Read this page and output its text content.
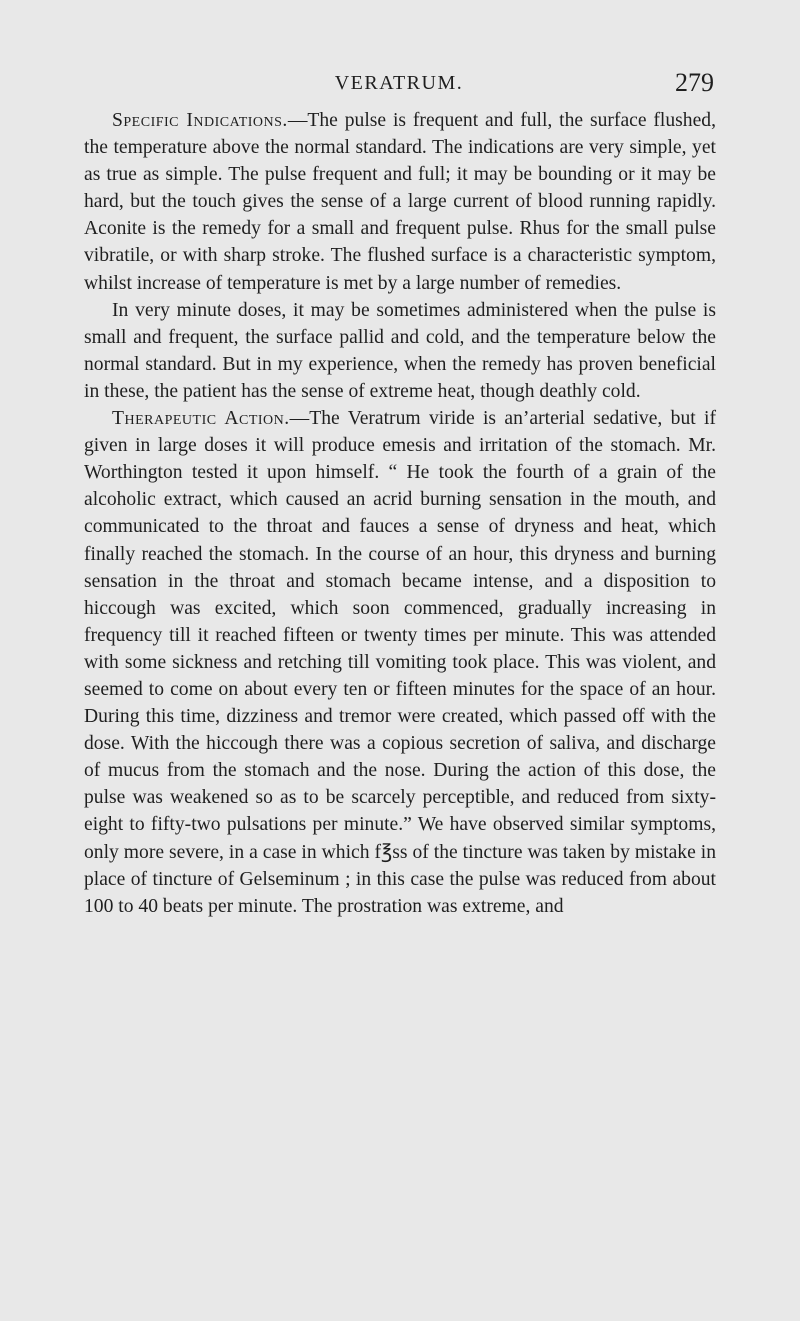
VERATRUM.	279

Specific Indications.—The pulse is frequent and full, the surface flushed, the temperature above the normal standard. The indications are very simple, yet as true as simple. The pulse frequent and full; it may be bounding or it may be hard, but the touch gives the sense of a large current of blood running rapidly. Aconite is the remedy for a small and frequent pulse. Rhus for the small pulse vibratile, or with sharp stroke. The flushed surface is a characteristic symptom, whilst increase of temperature is met by a large number of remedies.

In very minute doses, it may be sometimes administered when the pulse is small and frequent, the surface pallid and cold, and the temperature below the normal standard. But in my experience, when the remedy has proven beneficial in these, the patient has the sense of extreme heat, though deathly cold.

Therapeutic Action.—The Veratrum viride is an’arterial sedative, but if given in large doses it will produce emesis and irritation of the stomach. Mr. Worthington tested it upon himself. “ He took the fourth of a grain of the alcoholic extract, which caused an acrid burning sensation in the mouth, and communicated to the throat and fauces a sense of dryness and heat, which finally reached the stomach. In the course of an hour, this dryness and burning sensation in the throat and stomach became intense, and a disposition to hiccough was excited, which soon commenced, gradually increasing in frequency till it reached fifteen or twenty times per minute. This was attended with some sickness and retching till vomiting took place. This was violent, and seemed to come on about every ten or fifteen minutes for the space of an hour. During this time, dizziness and tremor were created, which passed off with the dose. With the hiccough there was a copious secretion of saliva, and discharge of mucus from the stomach and the nose. During the action of this dose, the pulse was weakened so as to be scarcely perceptible, and reduced from sixty-eight to fifty-two pulsations per minute.” We have observed similar symptoms, only more severe, in a case in which f℥ss of the tincture was taken by mistake in place of tincture of Gelseminum ; in this case the pulse was reduced from about 100 to 40 beats per minute. The prostration was extreme, and
